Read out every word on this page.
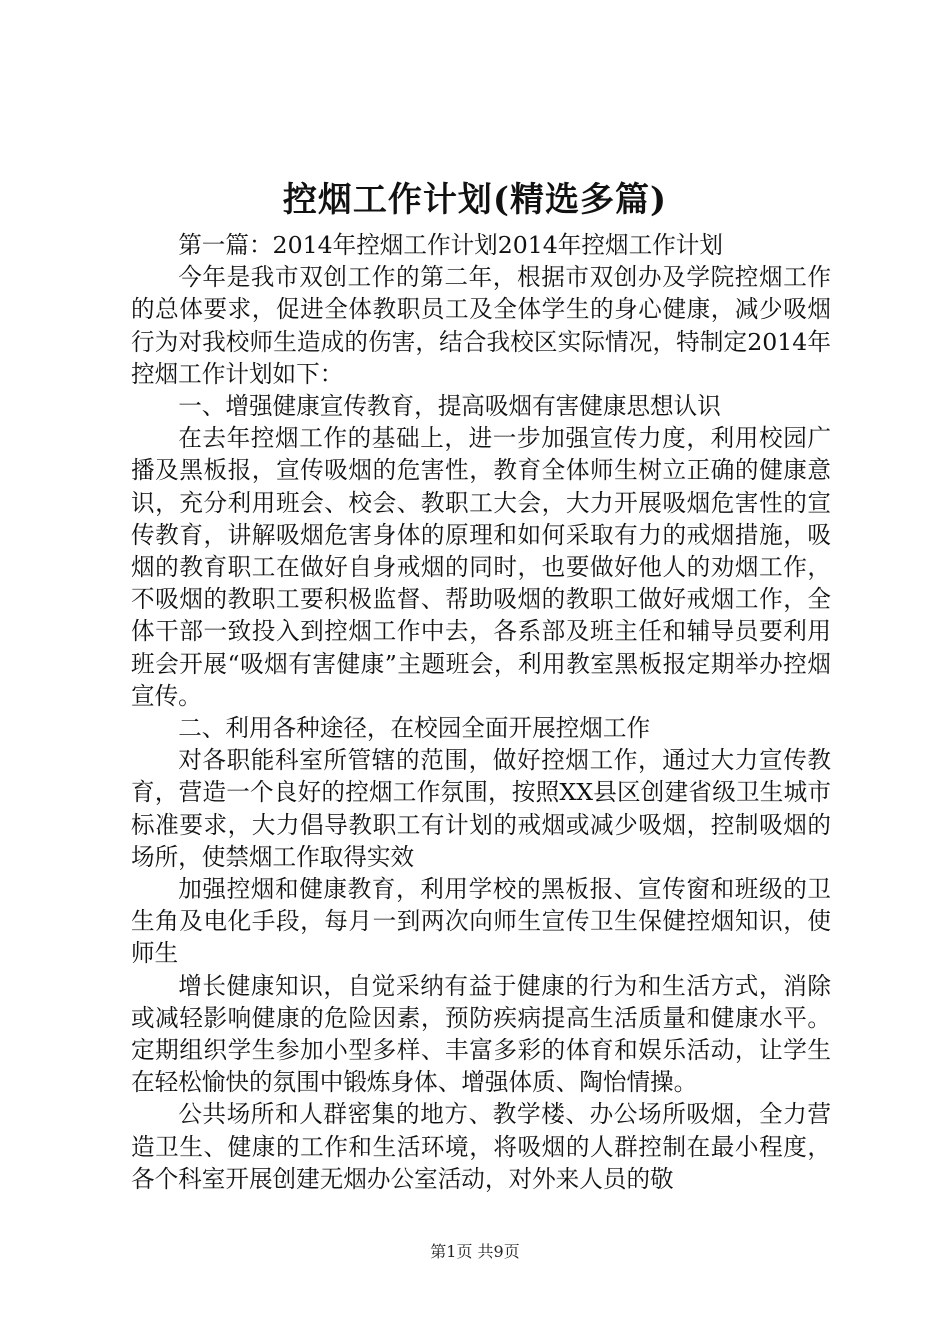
控烟工作计划(精选多篇)

第一篇：2014年控烟工作计划2014年控烟工作计划

今年是我市双创工作的第二年，根据市双创办及学院控烟工作的总体要求，促进全体教职员工及全体学生的身心健康，减少吸烟行为对我校师生造成的伤害，结合我校区实际情况，特制定2014年控烟工作计划如下：

一、增强健康宣传教育，提高吸烟有害健康思想认识

在去年控烟工作的基础上，进一步加强宣传力度，利用校园广播及黑板报，宣传吸烟的危害性，教育全体师生树立正确的健康意识，充分利用班会、校会、教职工大会，大力开展吸烟危害性的宣传教育，讲解吸烟危害身体的原理和如何采取有力的戒烟措施，吸烟的教育职工在做好自身戒烟的同时，也要做好他人的劝烟工作，不吸烟的教职工要积极监督、帮助吸烟的教职工做好戒烟工作，全体干部一致投入到控烟工作中去，各系部及班主任和辅导员要利用班会开展“吸烟有害健康”主题班会，利用教室黑板报定期举办控烟宣传。

二、利用各种途径，在校园全面开展控烟工作

对各职能科室所管辖的范围，做好控烟工作，通过大力宣传教育，营造一个良好的控烟工作氛围，按照XX县区创建省级卫生城市标准要求，大力倡导教职工有计划的戒烟或减少吸烟，控制吸烟的场所，使禁烟工作取得实效

加强控烟和健康教育，利用学校的黑板报、宣传窗和班级的卫生角及电化手段，每月一到两次向师生宣传卫生保健控烟知识，使师生

增长健康知识，自觉采纳有益于健康的行为和生活方式，消除或减轻影响健康的危险因素，预防疾病提高生活质量和健康水平。定期组织学生参加小型多样、丰富多彩的体育和娱乐活动，让学生在轻松愉快的氛围中锻炼身体、增强体质、陶怡情操。

公共场所和人群密集的地方、教学楼、办公场所吸烟，全力营造卫生、健康的工作和生活环境，将吸烟的人群控制在最小程度，各个科室开展创建无烟办公室活动，对外来人员的敬

第1页 共9页
